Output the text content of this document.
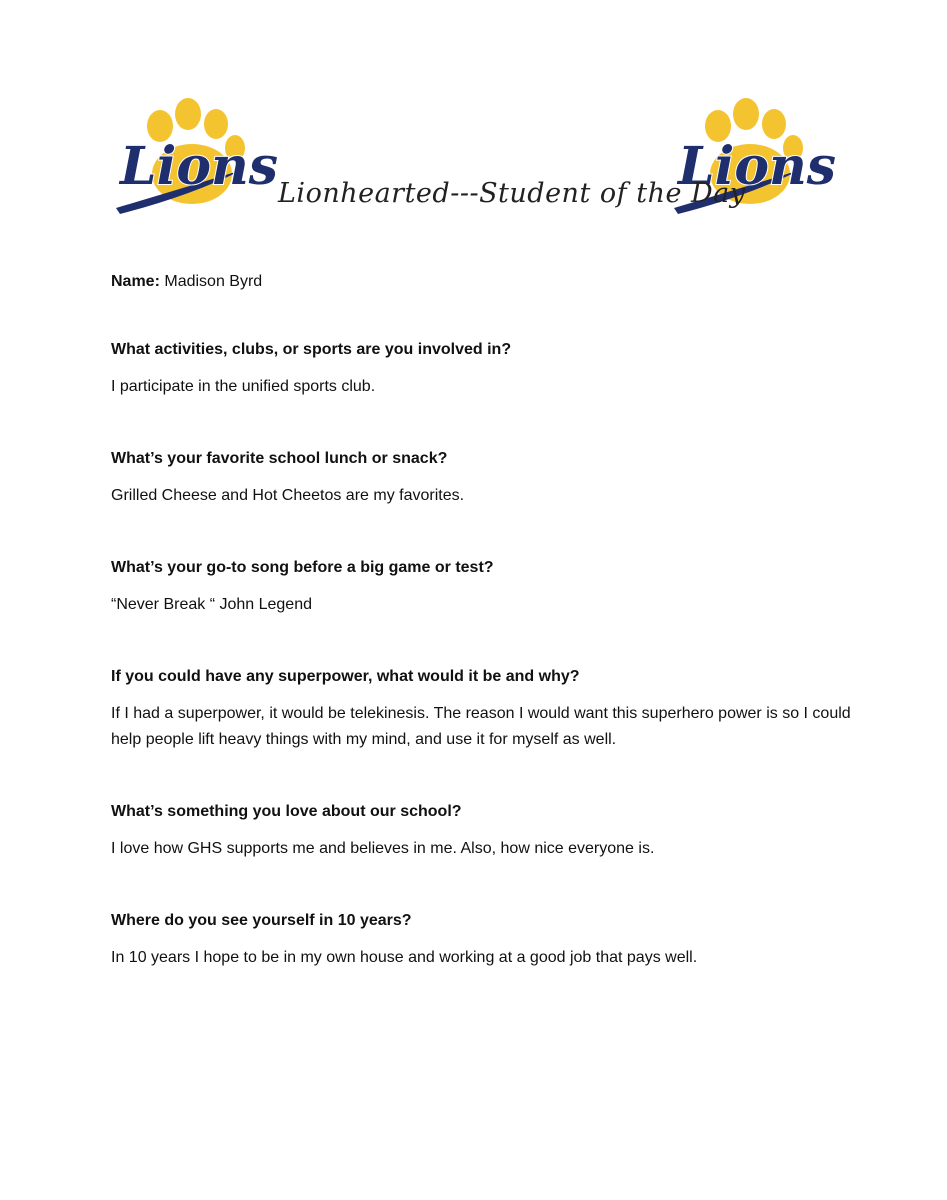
Lions	Lions
Lionhearted---Student of the Day

Name: Madison Byrd

What activities, clubs, or sports are you involved in?

I participate in the unified sports club.

What’s your favorite school lunch or snack?

Grilled Cheese and Hot Cheetos are my favorites.

What’s your go-to song before a big game or test?

“Never Break “ John Legend

If you could have any superpower, what would it be and why?

If I had a superpower, it would be telekinesis. The reason I would want this superhero power is so I could help people lift heavy things with my mind, and use it for myself as well.

What’s something you love about our school?

I love how GHS supports me and believes in me. Also, how nice everyone is.

Where do you see yourself in 10 years?

In 10 years I hope to be in my own house and working at a good job that pays well.
